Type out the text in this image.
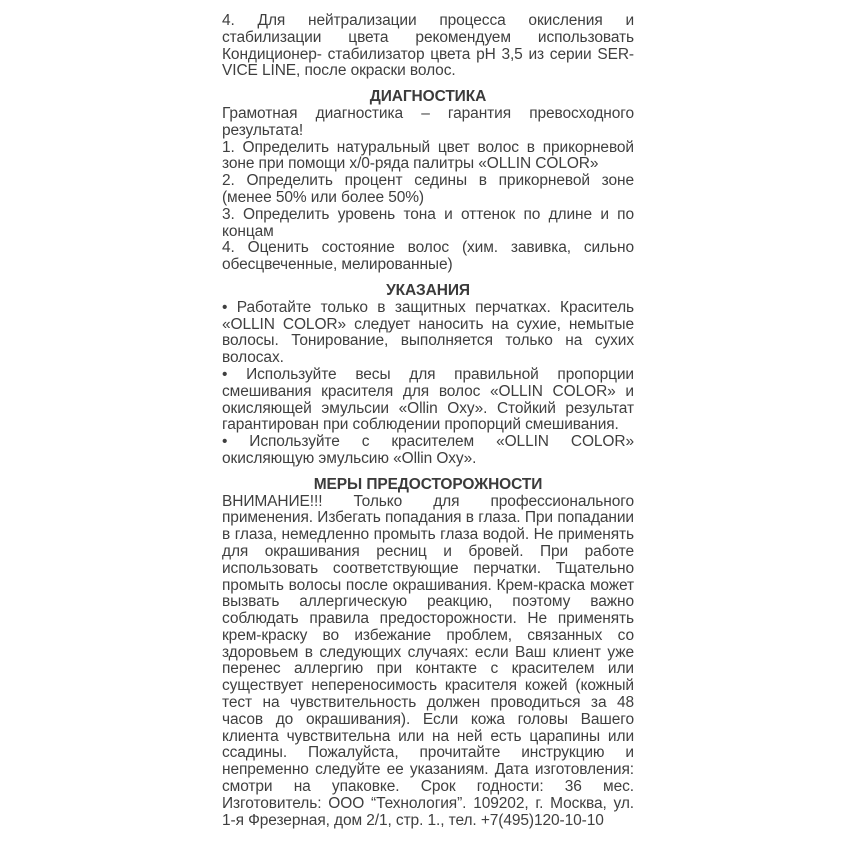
4. Для нейтрализации процесса окисления и стабилизации цвета рекомендуем использовать Кондиционер- стабилизатор цвета pH 3,5 из серии SER-VICE LINE, после окраски волос.

ДИАГНОСТИКА

Грамотная диагностика – гарантия превосходного результата!

1. Определить натуральный цвет волос в прикорневой зоне при помощи х/0-ряда палитры «OLLIN COLOR»

2. Определить процент седины в прикорневой зоне (менее 50% или более 50%)

3. Определить уровень тона и оттенок по длине и по концам

4. Оценить состояние волос (хим. завивка, сильно обесцвеченные, мелированные)

УКАЗАНИЯ

• Работайте только в защитных перчатках. Краситель «OLLIN COLOR» следует наносить на сухие, немытые волосы. Тонирование, выполняется только на сухих волосах.

• Используйте весы для правильной пропорции смешивания красителя для волос «OLLIN COLOR» и окисляющей эмульсии «Ollin Oxy». Стойкий результат гарантирован при соблюдении пропорций смешивания.

• Используйте с красителем «OLLIN COLOR» окисляющую эмульсию «Ollin Oxy».

МЕРЫ ПРЕДОСТОРОЖНОСТИ

ВНИМАНИЕ!!! Только для профессионального применения. Избегать попадания в глаза. При попадании в глаза, немедленно промыть глаза водой. Не применять для окрашивания ресниц и бровей. При работе использовать соответствующие перчатки. Тщательно промыть волосы после окрашивания. Крем-краска может вызвать аллергическую реакцию, поэтому важно соблюдать правила предосторожности. Не применять крем-краску во избежание проблем, связанных со здоровьем в следующих случаях: если Ваш клиент уже перенес аллергию при контакте с красителем или существует непереносимость красителя кожей (кожный тест на чувствительность должен проводиться за 48 часов до окрашивания). Если кожа головы Вашего клиента чувствительна или на ней есть царапины или ссадины. Пожалуйста, прочитайте инструкцию и непременно следуйте ее указаниям. Дата изготовления: смотри на упаковке. Срок годности: 36 мес. Изготовитель: ООО “Технология”. 109202, г. Москва, ул. 1-я Фрезерная, дом 2/1, стр. 1., тел. +7(495)120-10-10
